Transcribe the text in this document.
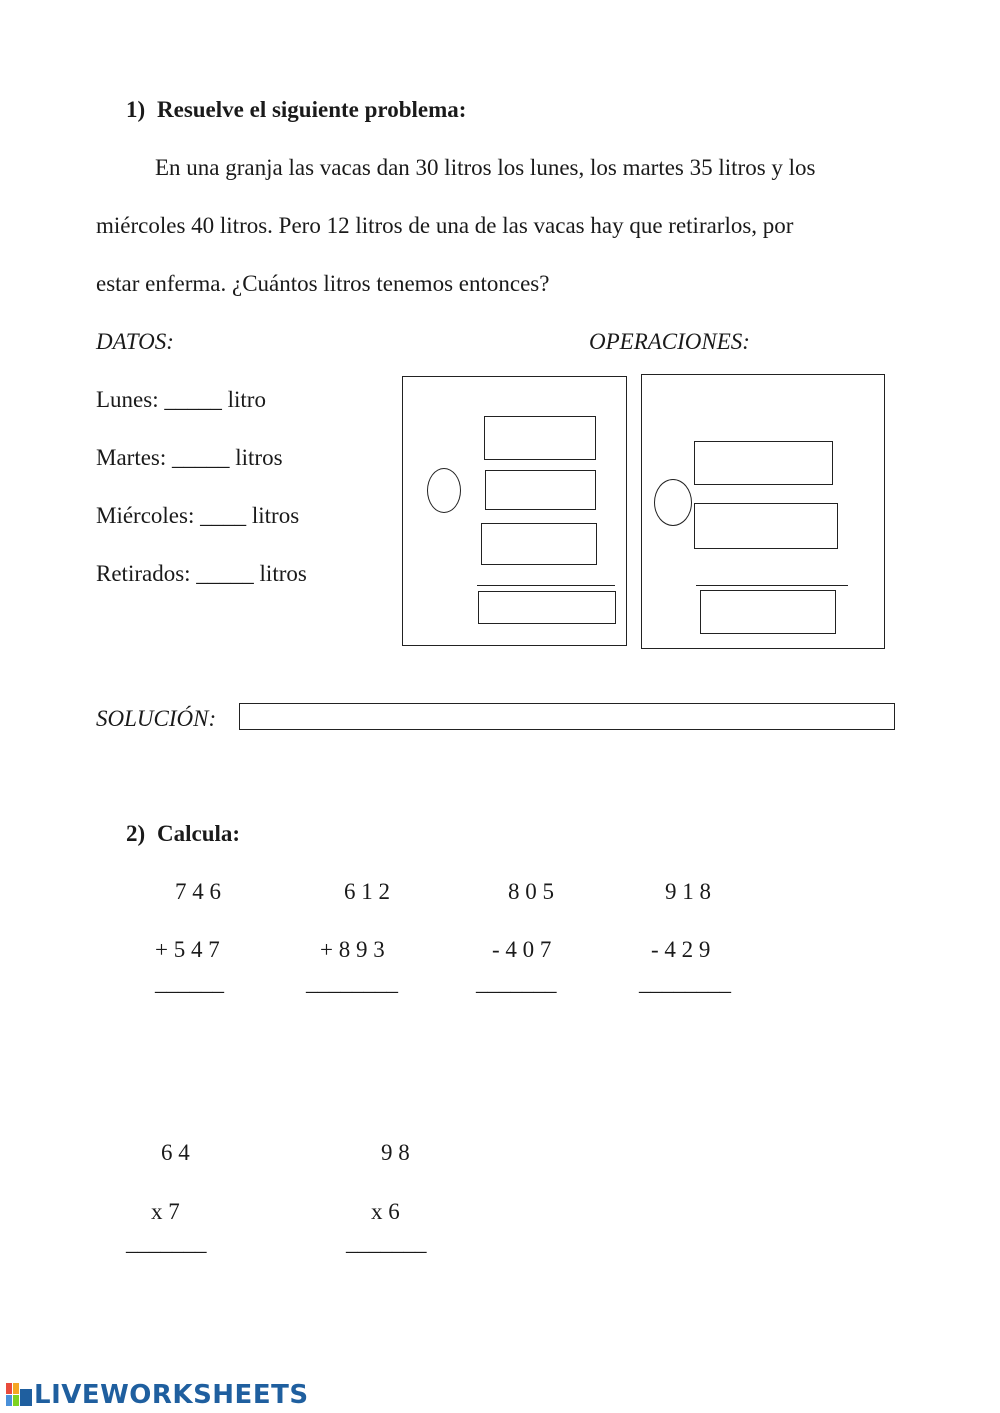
1) Resuelve el siguiente problema:
En una granja las vacas dan 30 litros los lunes, los martes 35 litros y los
miércoles 40 litros. Pero 12 litros de una de las vacas hay que retirarlos, por
estar enferma. ¿Cuántos litros tenemos entonces?
DATOS:	OPERACIONES:
Lunes: _____ litro
Martes: _____ litros
Miércoles: ____ litros
Retirados: _____ litros
SOLUCIÓN:
2) Calcula:
7 4 6
+ 5 4 7
______
6 1 2
+ 8 9 3
________
8 0 5
- 4 0 7
_______
9 1 8
- 4 2 9
________
6 4
x 7
_______
9 8
x 6
_______
LIVEWORKSHEETS
